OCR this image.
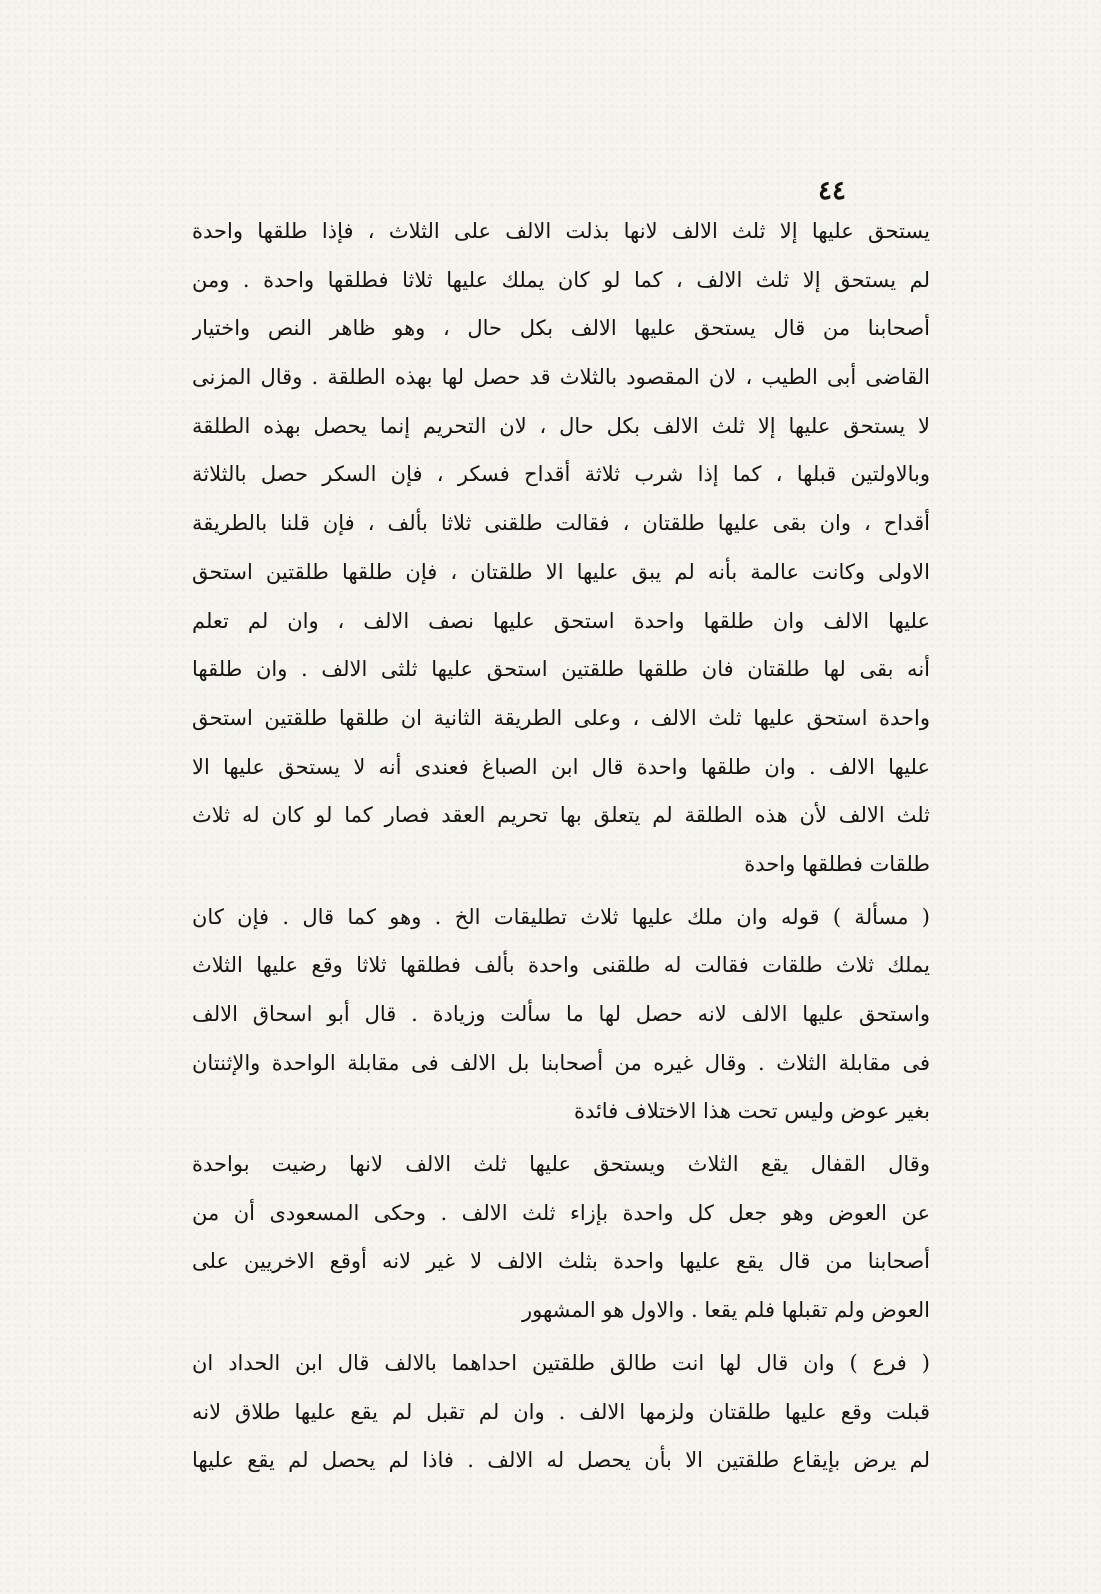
٤٤
يستحق عليها إلا ثلث الالف لانها بذلت الالف على الثلاث ، فإذا طلقها واحدة
لم يستحق إلا ثلث الالف ، كما لو كان يملك عليها ثلاثا فطلقها واحدة . ومن
أصحابنا من قال يستحق عليها الالف بكل حال ، وهو ظاهر النص واختيار
القاضى أبى الطيب ، لان المقصود بالثلاث قد حصل لها بهذه الطلقة . وقال المزنى
لا يستحق عليها إلا ثلث الالف بكل حال ، لان التحريم إنما يحصل بهذه الطلقة
وبالاولتين قبلها ، كما إذا شرب ثلاثة أقداح فسكر ، فإن السكر حصل بالثلاثة
أقداح ، وان بقى عليها طلقتان ، فقالت طلقنى ثلاثا بألف ، فإن قلنا بالطريقة
الاولى وكانت عالمة بأنه لم يبق عليها الا طلقتان ، فإن طلقها طلقتين استحق
عليها الالف وان طلقها واحدة استحق عليها نصف الالف ، وان لم تعلم
أنه بقى لها طلقتان فان طلقها طلقتين استحق عليها ثلثى الالف . وان طلقها
واحدة استحق عليها ثلث الالف ، وعلى الطريقة الثانية ان طلقها طلقتين استحق
عليها الالف . وان طلقها واحدة قال ابن الصباغ فعندى أنه لا يستحق عليها الا
ثلث الالف لأن هذه الطلقة لم يتعلق بها تحريم العقد فصار كما لو كان له ثلاث
طلقات فطلقها واحدة
( مسألة ) قوله وان ملك عليها ثلاث تطليقات الخ . وهو كما قال . فإن كان
يملك ثلاث طلقات فقالت له طلقنى واحدة بألف فطلقها ثلاثا وقع عليها الثلاث
واستحق عليها الالف لانه حصل لها ما سألت وزيادة . قال أبو اسحاق الالف
فى مقابلة الثلاث . وقال غيره من أصحابنا بل الالف فى مقابلة الواحدة والإثنتان
بغير عوض وليس تحت هذا الاختلاف فائدة
وقال القفال يقع الثلاث ويستحق عليها ثلث الالف لانها رضيت بواحدة
عن العوض وهو جعل كل واحدة بإزاء ثلث الالف . وحكى المسعودى أن من
أصحابنا من قال يقع عليها واحدة بثلث الالف لا غير لانه أوقع الاخريين على
العوض ولم تقبلها فلم يقعا . والاول هو المشهور
( فرع ) وان قال لها انت طالق طلقتين احداهما بالالف قال ابن الحداد ان
قبلت وقع عليها طلقتان ولزمها الالف . وان لم تقبل لم يقع عليها طلاق لانه
لم يرض بإيقاع طلقتين الا بأن يحصل له الالف . فاذا لم يحصل لم يقع عليها
